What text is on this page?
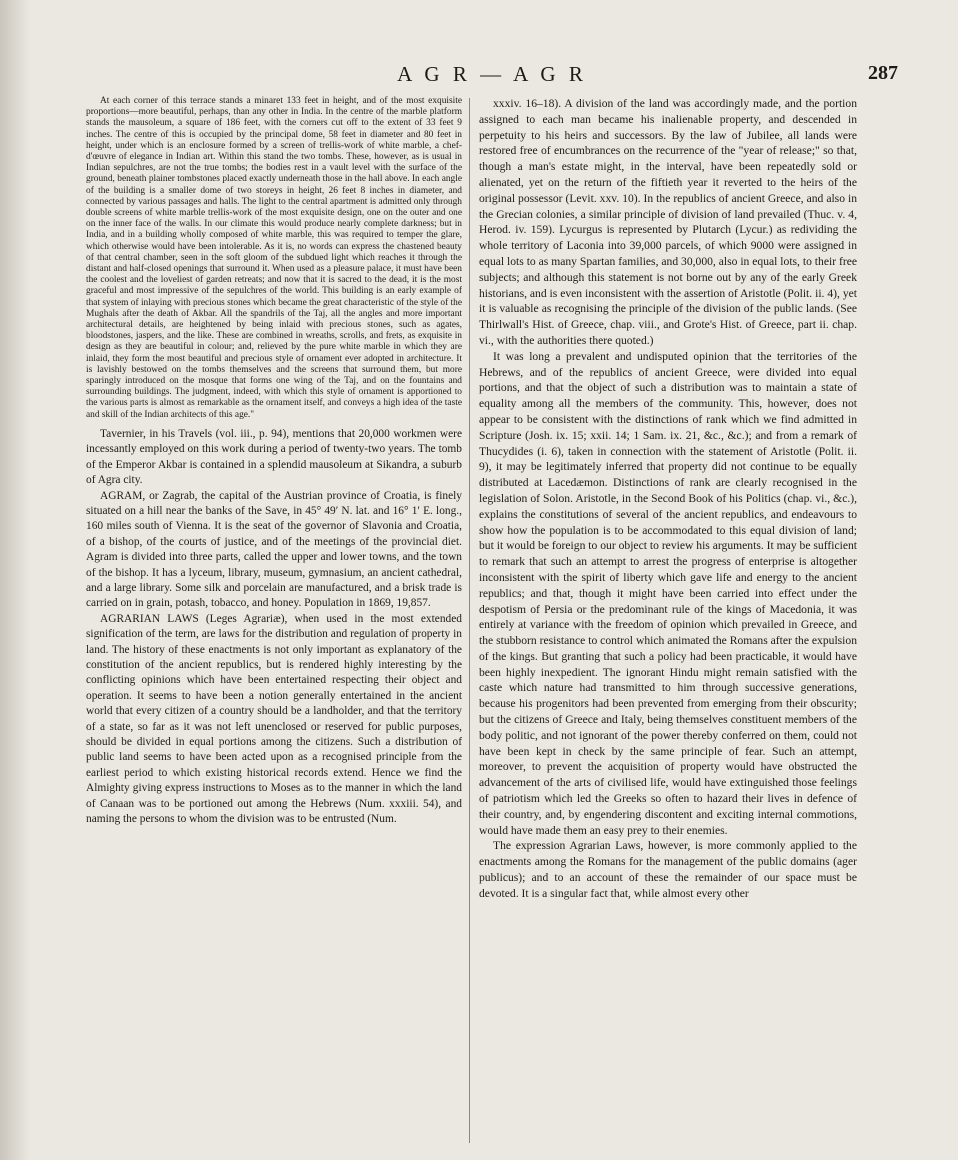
A G R — A G R	287

At each corner of this terrace stands a minaret 133 feet in height, and of the most exquisite proportions—more beautiful, perhaps, than any other in India. In the centre of the marble platform stands the mausoleum, a square of 186 feet, with the corners cut off to the extent of 33 feet 9 inches. The centre of this is occupied by the principal dome, 58 feet in diameter and 80 feet in height, under which is an enclosure formed by a screen of trellis-work of white marble, a chef-d'œuvre of elegance in Indian art. Within this stand the two tombs. These, however, as is usual in Indian sepulchres, are not the true tombs; the bodies rest in a vault level with the surface of the ground, beneath plainer tombstones placed exactly underneath those in the hall above. In each angle of the building is a smaller dome of two storeys in height, 26 feet 8 inches in diameter, and connected by various passages and halls. The light to the central apartment is admitted only through double screens of white marble trellis-work of the most exquisite design, one on the outer and one on the inner face of the walls. In our climate this would produce nearly complete darkness; but in India, and in a building wholly composed of white marble, this was required to temper the glare, which otherwise would have been intolerable. As it is, no words can express the chastened beauty of that central chamber, seen in the soft gloom of the subdued light which reaches it through the distant and half-closed openings that surround it. When used as a pleasure palace, it must have been the coolest and the loveliest of garden retreats; and now that it is sacred to the dead, it is the most graceful and most impressive of the sepulchres of the world. This building is an early example of that system of inlaying with precious stones which became the great characteristic of the style of the Mughals after the death of Akbar. All the spandrils of the Taj, all the angles and more important architectural details, are heightened by being inlaid with precious stones, such as agates, bloodstones, jaspers, and the like. These are combined in wreaths, scrolls, and frets, as exquisite in design as they are beautiful in colour; and, relieved by the pure white marble in which they are inlaid, they form the most beautiful and precious style of ornament ever adopted in architecture. It is lavishly bestowed on the tombs themselves and the screens that surround them, but more sparingly introduced on the mosque that forms one wing of the Taj, and on the fountains and surrounding buildings. The judgment, indeed, with which this style of ornament is apportioned to the various parts is almost as remarkable as the ornament itself, and conveys a high idea of the taste and skill of the Indian architects of this age."

Tavernier, in his Travels (vol. iii., p. 94), mentions that 20,000 workmen were incessantly employed on this work during a period of twenty-two years. The tomb of the Emperor Akbar is contained in a splendid mausoleum at Sikandra, a suburb of Agra city.

AGRAM, or Zagrab, the capital of the Austrian province of Croatia, is finely situated on a hill near the banks of the Save, in 45° 49′ N. lat. and 16° 1′ E. long., 160 miles south of Vienna. It is the seat of the governor of Slavonia and Croatia, of a bishop, of the courts of justice, and of the meetings of the provincial diet. Agram is divided into three parts, called the upper and lower towns, and the town of the bishop. It has a lyceum, library, museum, gymnasium, an ancient cathedral, and a large library. Some silk and porcelain are manufactured, and a brisk trade is carried on in grain, potash, tobacco, and honey. Population in 1869, 19,857.

AGRARIAN LAWS (Leges Agrariæ), when used in the most extended signification of the term, are laws for the distribution and regulation of property in land. The history of these enactments is not only important as explanatory of the constitution of the ancient republics, but is rendered highly interesting by the conflicting opinions which have been entertained respecting their object and operation. It seems to have been a notion generally entertained in the ancient world that every citizen of a country should be a landholder, and that the territory of a state, so far as it was not left unenclosed or reserved for public purposes, should be divided in equal portions among the citizens. Such a distribution of public land seems to have been acted upon as a recognised principle from the earliest period to which existing historical records extend. Hence we find the Almighty giving express instructions to Moses as to the manner in which the land of Canaan was to be portioned out among the Hebrews (Num. xxxiii. 54), and naming the persons to whom the division was to be entrusted (Num.

xxxiv. 16–18). A division of the land was accordingly made, and the portion assigned to each man became his inalienable property, and descended in perpetuity to his heirs and successors. By the law of Jubilee, all lands were restored free of encumbrances on the recurrence of the "year of release;" so that, though a man's estate might, in the interval, have been repeatedly sold or alienated, yet on the return of the fiftieth year it reverted to the heirs of the original possessor (Levit. xxv. 10). In the republics of ancient Greece, and also in the Grecian colonies, a similar principle of division of land prevailed (Thuc. v. 4, Herod. iv. 159). Lycurgus is represented by Plutarch (Lycur.) as redividing the whole territory of Laconia into 39,000 parcels, of which 9000 were assigned in equal lots to as many Spartan families, and 30,000, also in equal lots, to their free subjects; and although this statement is not borne out by any of the early Greek historians, and is even inconsistent with the assertion of Aristotle (Polit. ii. 4), yet it is valuable as recognising the principle of the division of the public lands. (See Thirlwall's Hist. of Greece, chap. viii., and Grote's Hist. of Greece, part ii. chap. vi., with the authorities there quoted.)

It was long a prevalent and undisputed opinion that the territories of the Hebrews, and of the republics of ancient Greece, were divided into equal portions, and that the object of such a distribution was to maintain a state of equality among all the members of the community. This, however, does not appear to be consistent with the distinctions of rank which we find admitted in Scripture (Josh. ix. 15; xxii. 14; 1 Sam. ix. 21, &c., &c.); and from a remark of Thucydides (i. 6), taken in connection with the statement of Aristotle (Polit. ii. 9), it may be legitimately inferred that property did not continue to be equally distributed at Lacedæmon. Distinctions of rank are clearly recognised in the legislation of Solon. Aristotle, in the Second Book of his Politics (chap. vi., &c.), explains the constitutions of several of the ancient republics, and endeavours to show how the population is to be accommodated to this equal division of land; but it would be foreign to our object to review his arguments. It may be sufficient to remark that such an attempt to arrest the progress of enterprise is altogether inconsistent with the spirit of liberty which gave life and energy to the ancient republics; and that, though it might have been carried into effect under the despotism of Persia or the predominant rule of the kings of Macedonia, it was entirely at variance with the freedom of opinion which prevailed in Greece, and the stubborn resistance to control which animated the Romans after the expulsion of the kings. But granting that such a policy had been practicable, it would have been highly inexpedient. The ignorant Hindu might remain satisfied with the caste which nature had transmitted to him through successive generations, because his progenitors had been prevented from emerging from their obscurity; but the citizens of Greece and Italy, being themselves constituent members of the body politic, and not ignorant of the power thereby conferred on them, could not have been kept in check by the same principle of fear. Such an attempt, moreover, to prevent the acquisition of property would have obstructed the advancement of the arts of civilised life, would have extinguished those feelings of patriotism which led the Greeks so often to hazard their lives in defence of their country, and, by engendering discontent and exciting internal commotions, would have made them an easy prey to their enemies.

The expression Agrarian Laws, however, is more commonly applied to the enactments among the Romans for the management of the public domains (ager publicus); and to an account of these the remainder of our space must be devoted. It is a singular fact that, while almost every other
